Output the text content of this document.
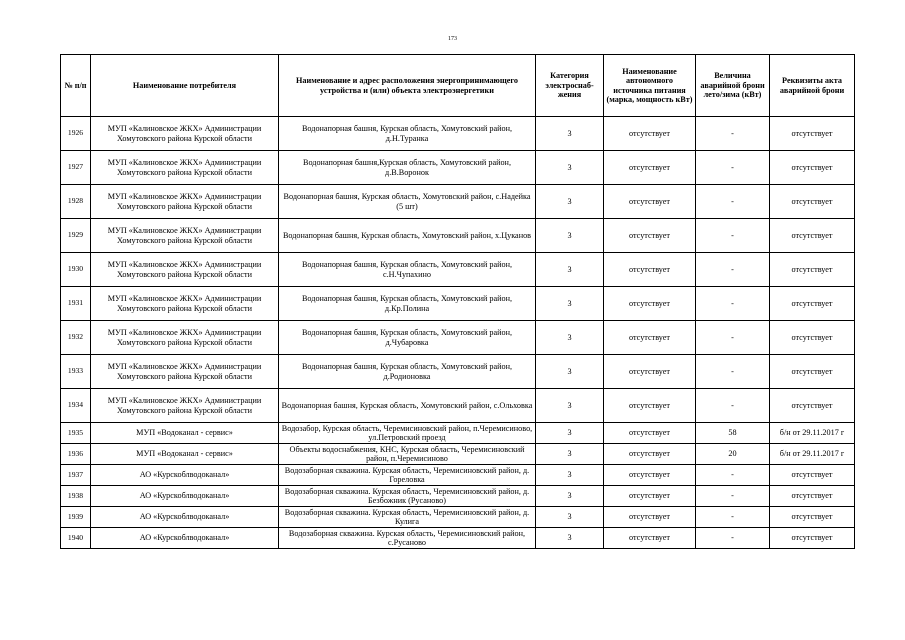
173
№ п/п	Наименование потребителя	Наименование и адрес расположения энергопринимающего устройства и (или) объекта электроэнергетики	Категория электроснаб-жения	Наименование автономного источника питания (марка, мощность кВт)	Величина аварийной брони лето/зима (кВт)	Реквизиты акта аварийной брони
1926	МУП «Калиновское ЖКХ» Администрации Хомутовского района Курской области	Водонапорная башня, Курская область, Хомутовский район, д.Н.Туранка	3	отсутствует	-	отсутствует
1927	МУП «Калиновское ЖКХ» Администрации Хомутовского района Курской области	Водонапорная башня,Курская область, Хомутовский район, д.В.Воронок	3	отсутствует	-	отсутствует
1928	МУП «Калиновское ЖКХ» Администрации Хомутовского района Курской области	Водонапорная башня, Курская область, Хомутовский район, с.Надейка (5 шт)	3	отсутствует	-	отсутствует
1929	МУП «Калиновское ЖКХ» Администрации Хомутовского района Курской области	Водонапорная башня, Курская область, Хомутовский район, х.Цуканов	3	отсутствует	-	отсутствует
1930	МУП «Калиновское ЖКХ» Администрации Хомутовского района Курской области	Водонапорная башня, Курская область, Хомутовский район, с.Н.Чупахино	3	отсутствует	-	отсутствует
1931	МУП «Калиновское ЖКХ» Администрации Хомутовского района Курской области	Водонапорная башня, Курская область, Хомутовский район, д.Кр.Полина	3	отсутствует	-	отсутствует
1932	МУП «Калиновское ЖКХ» Администрации Хомутовского района Курской области	Водонапорная башня, Курская область, Хомутовский район, д.Чубаровка	3	отсутствует	-	отсутствует
1933	МУП «Калиновское ЖКХ» Администрации Хомутовского района Курской области	Водонапорная башня, Курская область, Хомутовский район, д.Родионовка	3	отсутствует	-	отсутствует
1934	МУП «Калиновское ЖКХ» Администрации Хомутовского района Курской области	Водонапорная башня, Курская область, Хомутовский район, с.Ольховка	3	отсутствует	-	отсутствует
1935	МУП «Водоканал - сервис»	Водозабор, Курская область, Черемисиновский район, п.Черемисиново, ул.Петровский проезд	3	отсутствует	58	б/н от 29.11.2017 г
1936	МУП «Водоканал - сервис»	Объекты водоснабжения, КНС, Курская область, Черемисиновский район, п.Черемисиново	3	отсутствует	20	б/н от 29.11.2017 г
1937	АО «Курскоблводоканал»	Водозаборная скважина. Курская область, Черемисиновский район, д. Гореловка	3	отсутствует	-	отсутствует
1938	АО «Курскоблводоканал»	Водозаборная скважина. Курская область, Черемисиновский район, д. Безбожник (Русаново)	3	отсутствует	-	отсутствует
1939	АО «Курскоблводоканал»	Водозаборная скважина. Курская область, Черемисиновский район, д. Кулига	3	отсутствует	-	отсутствует
1940	АО «Курскоблводоканал»	Водозаборная скважина. Курская область, Черемисиновский район, с.Русаново	3	отсутствует	-	отсутствует
